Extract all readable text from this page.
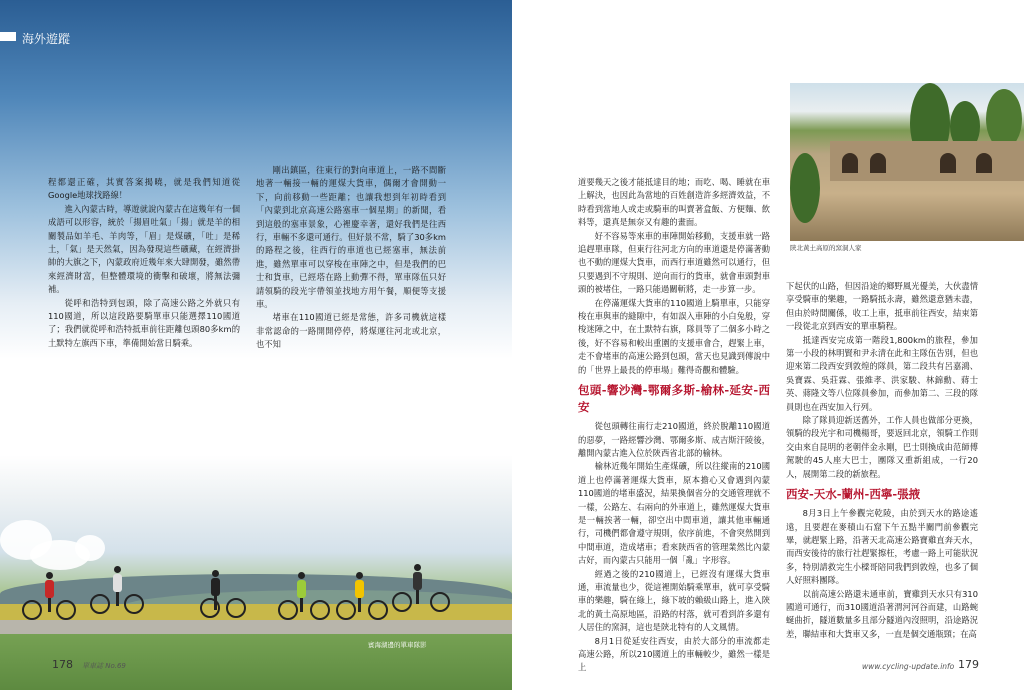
海外遊蹤
賓海湖邊的單車隊影

程都還正確，其實答案揭曉，就是我們知道從Google地球找路線！

進入內蒙古時，導遊就說內蒙古在這幾年有一個成語可以形容，統於「揚眉吐氣」「揚」就是羊的相關製品如羊毛、羊肉等，「眉」是煤礦，「吐」是稀土，「氣」是天然氣，因為發現這些礦藏，在經濟掛帥的大旗之下，內蒙政府近幾年來大肆開發，雖然帶來經濟財富，但整體環境的衝擊和破壞，將無法彌補。

從呼和浩特到包頭，除了高速公路之外就只有110國道，所以這段路要騎單車只能選擇110國道了；我們就從呼和浩特抵車前往距離包頭80多km的土默特左旗西下車，準備開始當日騎乘。

剛出鎮區，往東行的對向車道上，一路不間斷地著一輛接一輛的運煤大貨車，偶爾才會開動一下，向前移動一些距離；也讓我想到年初時看到「內蒙到北京高速公路塞車一個星期」的新聞，看到這般的塞車景象，心裡慶幸著，還好我們是往西行，車輛不多還可通行。但好景不常，騎了30多km的路程之後，往西行的車道也已經塞車，無法前進，雖然單車可以穿梭在車陣之中，但是我們的巴士和貨車，已經塔在路上動彈不得，單車隊伍只好請領騎的段光宇帶領並找地方用午餐，順便等支援車。

堵車在110國道已經是常態，許多司機就這樣非常認命的一路開開停停，將煤運往河北或北京，也不知

178 單車誌 No.69
陝北黃土高原的窯洞人家

道要幾天之後才能抵達目的地；而吃、喝、睡就在車上解決，也因此為當地的百姓創造許多經濟效益，不時看到當地人或走或騎車的叫賣著盒飯、方便麵、飲料等，還真是無奈又有趣的畫面。

好不容易等來車的車陣開始移動，支援車就一路追趕單車隊，但東行往河北方向的車道還是停滿著動也不動的運煤大貨車，而西行車道雖然可以通行，但只要遇到不守規則、逆向而行的貨車，就會車頭對車頭的被堵住，一路只能過關斬將，走一步算一步。

在停滿運煤大貨車的110國道上騎單車，只能穿梭在車與車的縫隙中，有如誤入車陣的小白兔般，穿梭迷陣之中，在土默特右旗，隊員等了二個多小時之後，好不容易和較出重圍的支援車會合，趕緊上車，走不會堵車的高速公路到包頭，當天也見識到傳說中的「世界上最長的停車場」難得奇觀和體驗。

包頭-響沙灣-鄂爾多斯-榆林-延安-西安

從包頭轉往南行走210國道，終於脫離110國道的惡夢，一路經響沙灣、鄂爾多斯、成吉斯汗陵後，離開內蒙古進入位於陝西省北部的榆林。

榆林近幾年開始生產煤礦，所以往縱南的210國道上也停滿著運煤大貨車，原本擔心又會遇到內蒙110國道的堵車盛況，結果換個省分的交通管理就不一樣，公路左、右兩向的外車道上，雖然運煤大貨車是一輛挨著一輛，卻空出中間車道，讓其他車輛通行，司機們都會遵守規則，依序前進，不會突然開到中間車道，造成堵車；看來陝西省的管理業然比內蒙古好，而內蒙古只能用一個「亂」字形容。

經過之後的210國道上，已經沒有運煤大貨車通，車流量也少，從這裡開始騎乘單車，就可享受騎車的樂趣，騎在綠上，綠下坡的賴級山路上，進入陝北的黃土高原地區，沿路的村落，就可看到許多還有人居住的窯洞，這也是陝北特有的人文風情。

8月1日從延安往西安，由於大部分的車流都走高速公路，所以210國道上的車輛較少，雖然一樣是上

下起伏的山路，但因沿途的鄉野風光優美，大伙盡情享受騎車的樂趣，一路騎抵永壽，雖然還意猶未盡，但由於時間關係，收工上車，抵車前往西安，結束第一段從北京到西安的單車騎程。

抵達西安完成第一階段1,800km的旅程，參加第一小段的林明賢和尹永清在此和主隊伍告別，但也迎來第二段西安到敦煌的隊員，第二段共有呂嘉鴻、吳寶霖、吳莊霖、張維孝、洪家駿、林錦勳、蔣士英、蔣隆文等八位隊員參加，而參加第二、三段的隊員則也在西安加入行列。

除了隊員迎新送舊外，工作人員也做部分更換，領騎的段光宇和司機楊哥，要返回北京，領騎工作則交由來自昆明的老朝伴金永剛，巴士則換成由范師傅駕駛的45人座大巴士，團隊又重新組成，一行20人，展開第二段的新旅程。

西安-天水-蘭州-西寧-張掖

8月3日上午參觀完乾陵，由於到天水的路途遙遠，且要趕在麥積山石窟下午五點半關門前參觀完畢，就趕緊上路，沿著天北高速公路寶雞直奔天水，而西安後待的旅行社趕緊擦枉，考慮一路上可能狀況多，特別請救完生小樑哥陪同我們到敦煌，也多了個人好照料團隊。

以前高速公路還未通車前，寶雞到天水只有310國道可通行，而310國道沿著渭河河谷而建，山路蜿蜒曲折，隧道數量多且部分隧道內沒照明，沿途路況差，聯結車和大貨車又多，一直是個交通瓶頸；在高

www.cycling-update.info 179
